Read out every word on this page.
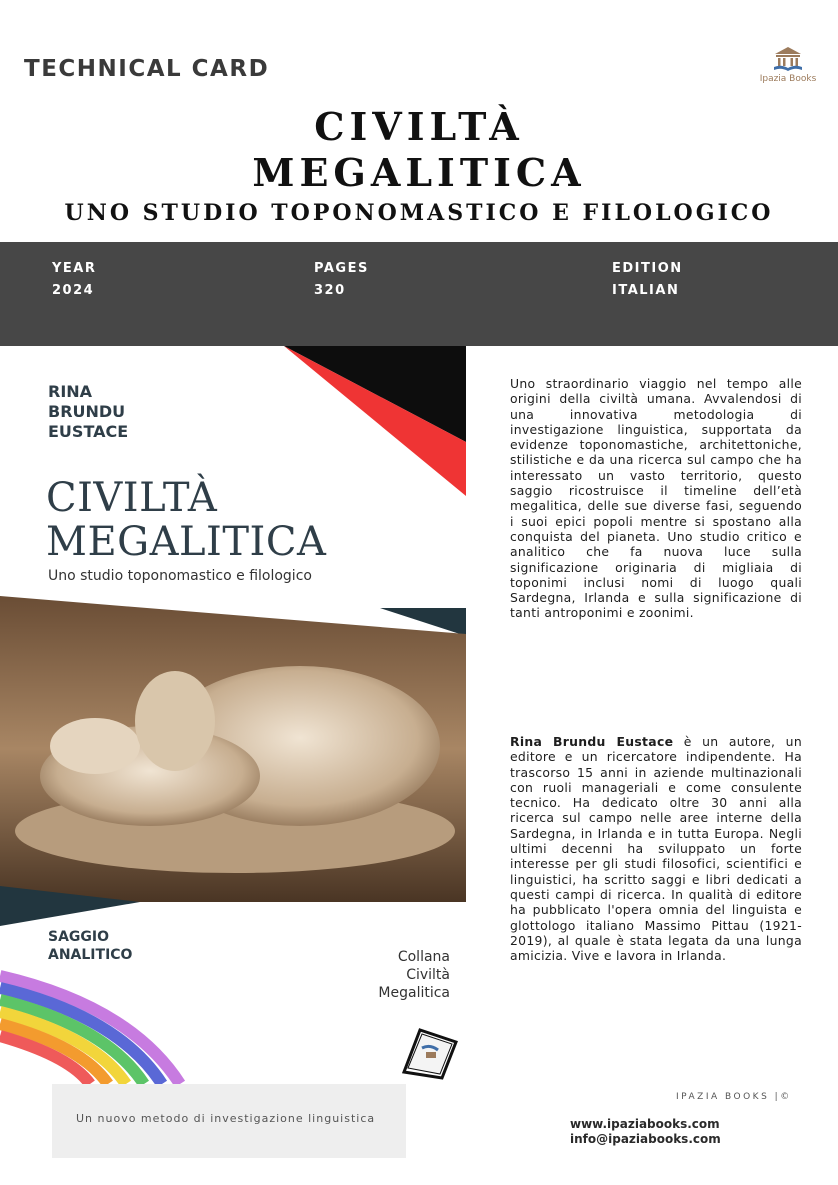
TECHNICAL CARD	Ipazia Books
CIVILTÀ
MEGALITICA
UNO STUDIO TOPONOMASTICO E FILOLOGICO
YEAR
2024
PAGES
320
EDITION
ITALIAN
RINA
BRUNDU
EUSTACE
CIVILTÀ
MEGALITICA
Uno studio toponomastico e filologico
SAGGIO
ANALITICO	Collana
Civiltà
Megalitica
Uno straordinario viaggio nel tempo alle origini della civiltà umana. Avvalendosi di una innovativa metodologia di investigazione linguistica, supportata da evidenze toponomastiche, architettoniche, stilistiche e da una ricerca sul campo che ha interessato un vasto territorio, questo saggio ricostruisce il timeline dell’età megalitica, delle sue diverse fasi, seguendo i suoi epici popoli mentre si spostano alla conquista del pianeta. Uno studio critico e analitico che fa nuova luce sulla significazione originaria di migliaia di toponimi inclusi nomi di luogo quali Sardegna, Irlanda e sulla significazione di tanti antroponimi e zoonimi.
Rina Brundu Eustace è un autore, un editore e un ricercatore indipendente. Ha trascorso 15 anni in aziende multinazionali con ruoli manageriali e come consulente tecnico. Ha dedicato oltre 30 anni alla ricerca sul campo nelle aree interne della Sardegna, in Irlanda e in tutta Europa. Negli ultimi decenni ha sviluppato un forte interesse per gli studi filosofici, scientifici e linguistici, ha scritto saggi e libri dedicati a questi campi di ricerca. In qualità di editore ha pubblicato l'opera omnia del linguista e glottologo italiano Massimo Pittau (1921-2019), al quale è stata legata da una lunga amicizia. Vive e lavora in Irlanda.
Un nuovo metodo di investigazione linguistica
IPAZIA BOOKS |©
www.ipaziabooks.com
info@ipaziabooks.com
